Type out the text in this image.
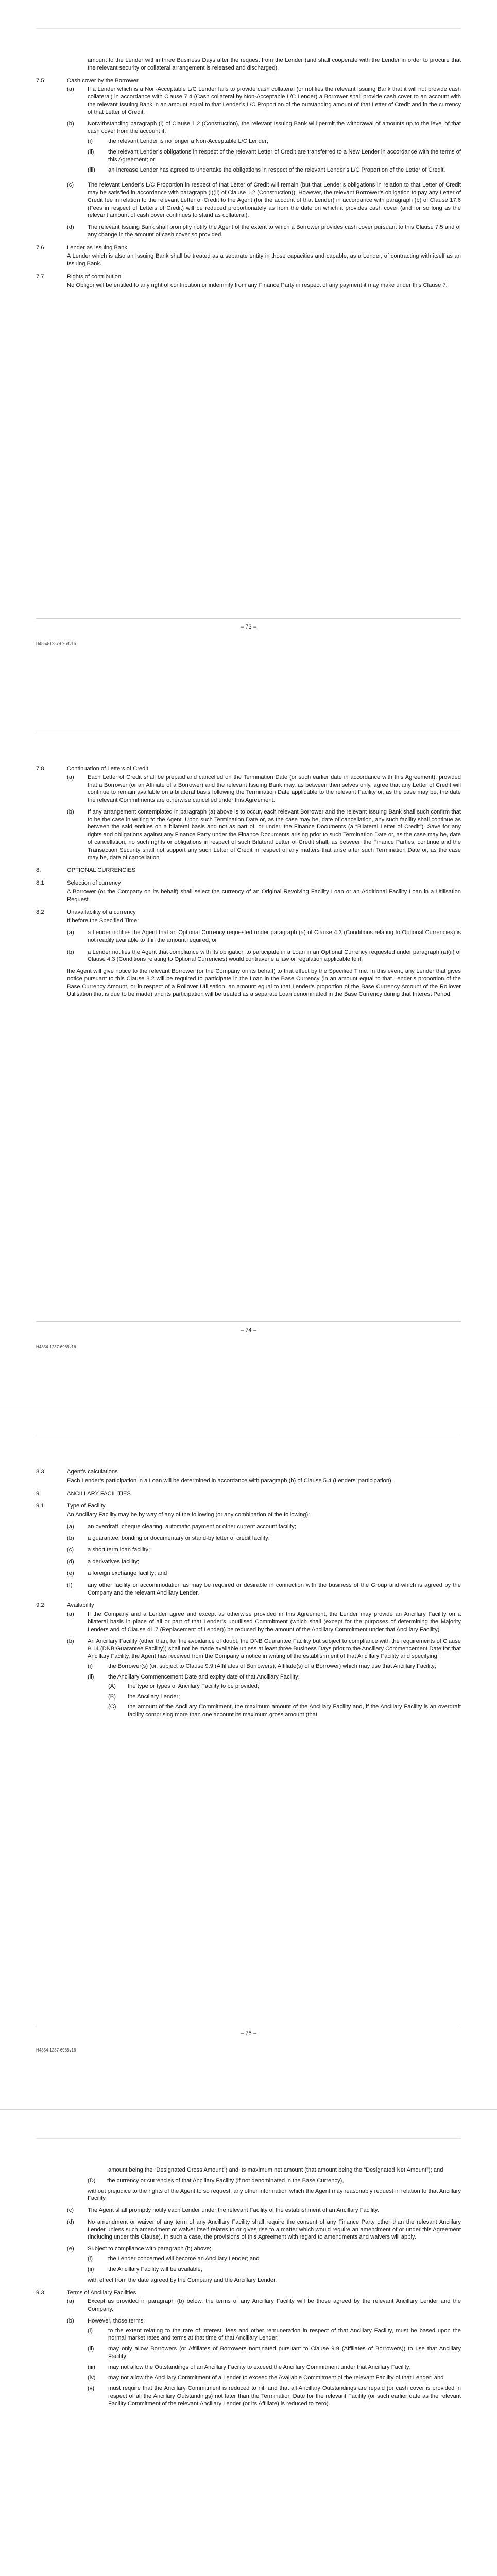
amount to the Lender within three Business Days after the request from the Lender (and shall cooperate with the Lender in order to procure that the relevant security or collateral arrangement is released and discharged).
7.5	Cash cover by the Borrower
(a)	If a Lender which is a Non-Acceptable L/C Lender fails to provide cash collateral (or notifies the relevant Issuing Bank that it will not provide cash collateral) in accordance with Clause 7.4 (Cash collateral by Non-Acceptable L/C Lender) a Borrower shall provide cash cover to an account with the relevant Issuing Bank in an amount equal to that Lender’s L/C Proportion of the outstanding amount of that Letter of Credit and in the currency of that Letter of Credit.
(b)	Notwithstanding paragraph (i) of Clause 1.2 (Construction), the relevant Issuing Bank will permit the withdrawal of amounts up to the level of that cash cover from the account if:
(i)	the relevant Lender is no longer a Non-Acceptable L/C Lender;
(ii)	the relevant Lender’s obligations in respect of the relevant Letter of Credit are transferred to a New Lender in accordance with the terms of this Agreement; or
(iii)	an Increase Lender has agreed to undertake the obligations in respect of the relevant Lender’s L/C Proportion of the Letter of Credit.
(c)	The relevant Lender’s L/C Proportion in respect of that Letter of Credit will remain (but that Lender’s obligations in relation to that Letter of Credit may be satisfied in accordance with paragraph (i)(ii) of Clause 1.2 (Construction)). However, the relevant Borrower’s obligation to pay any Letter of Credit fee in relation to the relevant Letter of Credit to the Agent (for the account of that Lender) in accordance with paragraph (b) of Clause 17.6 (Fees in respect of Letters of Credit) will be reduced proportionately as from the date on which it provides cash cover (and for so long as the relevant amount of cash cover continues to stand as collateral).
(d)	The relevant Issuing Bank shall promptly notify the Agent of the extent to which a Borrower provides cash cover pursuant to this Clause 7.5 and of any change in the amount of cash cover so provided.
7.6	Lender as Issuing Bank
A Lender which is also an Issuing Bank shall be treated as a separate entity in those capacities and capable, as a Lender, of contracting with itself as an Issuing Bank.
7.7	Rights of contribution
No Obligor will be entitled to any right of contribution or indemnity from any Finance Party in respect of any payment it may make under this Clause 7.
– 73 –
H4854-1237-6968v16
7.8	Continuation of Letters of Credit
(a)	Each Letter of Credit shall be prepaid and cancelled on the Termination Date (or such earlier date in accordance with this Agreement), provided that a Borrower (or an Affiliate of a Borrower) and the relevant Issuing Bank may, as between themselves only, agree that any Letter of Credit will continue to remain available on a bilateral basis following the Termination Date applicable to the relevant Facility or, as the case may be, the date the relevant Commitments are otherwise cancelled under this Agreement.
(b)	If any arrangement contemplated in paragraph (a) above is to occur, each relevant Borrower and the relevant Issuing Bank shall such confirm that to be the case in writing to the Agent. Upon such Termination Date or, as the case may be, date of cancellation, any such facility shall continue as between the said entities on a bilateral basis and not as part of, or under, the Finance Documents (a “Bilateral Letter of Credit”). Save for any rights and obligations against any Finance Party under the Finance Documents arising prior to such Termination Date or, as the case may be, date of cancellation, no such rights or obligations in respect of such Bilateral Letter of Credit shall, as between the Finance Parties, continue and the Transaction Security shall not support any such Letter of Credit in respect of any matters that arise after such Termination Date or, as the case may be, date of cancellation.
8.	OPTIONAL CURRENCIES
8.1	Selection of currency
A Borrower (or the Company on its behalf) shall select the currency of an Original Revolving Facility Loan or an Additional Facility Loan in a Utilisation Request.
8.2	Unavailability of a currency
If before the Specified Time:
(a)	a Lender notifies the Agent that an Optional Currency requested under paragraph (a) of Clause 4.3 (Conditions relating to Optional Currencies) is not readily available to it in the amount required; or
(b)	a Lender notifies the Agent that compliance with its obligation to participate in a Loan in an Optional Currency requested under paragraph (a)(ii) of Clause 4.3 (Conditions relating to Optional Currencies) would contravene a law or regulation applicable to it,
the Agent will give notice to the relevant Borrower (or the Company on its behalf) to that effect by the Specified Time. In this event, any Lender that gives notice pursuant to this Clause 8.2 will be required to participate in the Loan in the Base Currency (in an amount equal to that Lender’s proportion of the Base Currency Amount, or in respect of a Rollover Utilisation, an amount equal to that Lender’s proportion of the Base Currency Amount of the Rollover Utilisation that is due to be made) and its participation will be treated as a separate Loan denominated in the Base Currency during that Interest Period.
– 74 –
H4854-1237-6968v16
8.3	Agent’s calculations
Each Lender’s participation in a Loan will be determined in accordance with paragraph (b) of Clause 5.4 (Lenders’ participation).
9.	ANCILLARY FACILITIES
9.1	Type of Facility
An Ancillary Facility may be by way of any of the following (or any combination of the following):
(a)	an overdraft, cheque clearing, automatic payment or other current account facility;
(b)	a guarantee, bonding or documentary or stand-by letter of credit facility;
(c)	a short term loan facility;
(d)	a derivatives facility;
(e)	a foreign exchange facility; and
(f)	any other facility or accommodation as may be required or desirable in connection with the business of the Group and which is agreed by the Company and the relevant Ancillary Lender.
9.2	Availability
(a)	If the Company and a Lender agree and except as otherwise provided in this Agreement, the Lender may provide an Ancillary Facility on a bilateral basis in place of all or part of that Lender’s unutilised Commitment (which shall (except for the purposes of determining the Majority Lenders and of Clause 41.7 (Replacement of Lender)) be reduced by the amount of the Ancillary Commitment under that Ancillary Facility).
(b)	An Ancillary Facility (other than, for the avoidance of doubt, the DNB Guarantee Facility but subject to compliance with the requirements of Clause 9.14 (DNB Guarantee Facility)) shall not be made available unless at least three Business Days prior to the Ancillary Commencement Date for that Ancillary Facility, the Agent has received from the Company a notice in writing of the establishment of that Ancillary Facility and specifying:
(i)	the Borrower(s) (or, subject to Clause 9.9 (Affiliates of Borrowers), Affiliate(s) of a Borrower) which may use that Ancillary Facility;
(ii)	the Ancillary Commencement Date and expiry date of that Ancillary Facility;
(A)	the type or types of Ancillary Facility to be provided;
(B)	the Ancillary Lender;
(C)	the amount of the Ancillary Commitment, the maximum amount of the Ancillary Facility and, if the Ancillary Facility is an overdraft facility comprising more than one account its maximum gross amount (that
– 75 –
H4854-1237-6968v16
amount being the “Designated Gross Amount”) and its maximum net amount (that amount being the “Designated Net Amount”); and
(D)	the currency or currencies of that Ancillary Facility (if not denominated in the Base Currency),
without prejudice to the rights of the Agent to so request, any other information which the Agent may reasonably request in relation to that Ancillary Facility.
(c)	The Agent shall promptly notify each Lender under the relevant Facility of the establishment of an Ancillary Facility.
(d)	No amendment or waiver of any term of any Ancillary Facility shall require the consent of any Finance Party other than the relevant Ancillary Lender unless such amendment or waiver itself relates to or gives rise to a matter which would require an amendment of or under this Agreement (including under this Clause). In such a case, the provisions of this Agreement with regard to amendments and waivers will apply.
(e)	Subject to compliance with paragraph (b) above;
(i)	the Lender concerned will become an Ancillary Lender; and
(ii)	the Ancillary Facility will be available,
with effect from the date agreed by the Company and the Ancillary Lender.
9.3	Terms of Ancillary Facilities
(a)	Except as provided in paragraph (b) below, the terms of any Ancillary Facility will be those agreed by the relevant Ancillary Lender and the Company.
(b)	However, those terms:
(i)	to the extent relating to the rate of interest, fees and other remuneration in respect of that Ancillary Facility, must be based upon the normal market rates and terms at that time of that Ancillary Lender;
(ii)	may only allow Borrowers (or Affiliates of Borrowers nominated pursuant to Clause 9.9 (Affiliates of Borrowers)) to use that Ancillary Facility;
(iii)	may not allow the Outstandings of an Ancillary Facility to exceed the Ancillary Commitment under that Ancillary Facility;
(iv)	may not allow the Ancillary Commitment of a Lender to exceed the Available Commitment of the relevant Facility of that Lender; and
(v)	must require that the Ancillary Commitment is reduced to nil, and that all Ancillary Outstandings are repaid (or cash cover is provided in respect of all the Ancillary Outstandings) not later than the Termination Date for the relevant Facility (or such earlier date as the relevant Facility Commitment of the relevant Ancillary Lender (or its Affiliate) is reduced to zero).
